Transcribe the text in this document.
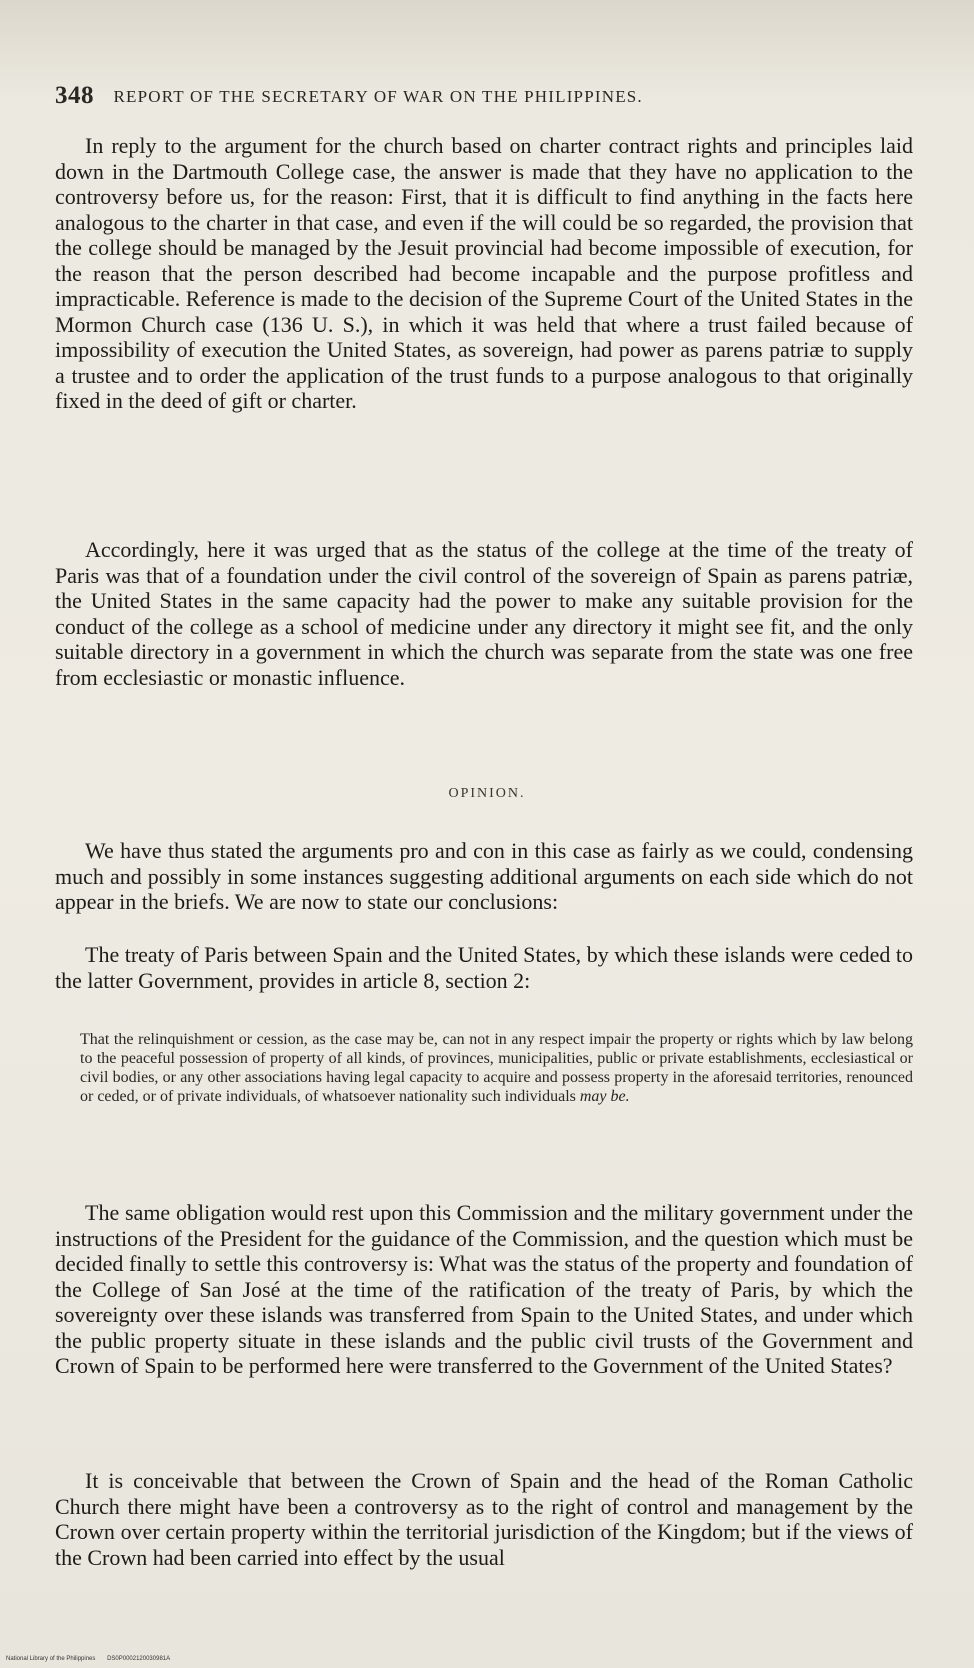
348 REPORT OF THE SECRETARY OF WAR ON THE PHILIPPINES.

In reply to the argument for the church based on charter contract rights and principles laid down in the Dartmouth College case, the answer is made that they have no application to the controversy before us, for the reason: First, that it is difficult to find anything in the facts here analogous to the charter in that case, and even if the will could be so regarded, the provision that the college should be managed by the Jesuit provincial had become impossible of execution, for the reason that the person described had become incapable and the purpose profitless and impracticable. Reference is made to the decision of the Supreme Court of the United States in the Mormon Church case (136 U. S.), in which it was held that where a trust failed because of impossibility of execution the United States, as sovereign, had power as parens patriæ to supply a trustee and to order the application of the trust funds to a purpose analogous to that originally fixed in the deed of gift or charter.

Accordingly, here it was urged that as the status of the college at the time of the treaty of Paris was that of a foundation under the civil control of the sovereign of Spain as parens patriæ, the United States in the same capacity had the power to make any suitable provision for the conduct of the college as a school of medicine under any directory it might see fit, and the only suitable directory in a government in which the church was separate from the state was one free from ecclesiastic or monastic influence.

OPINION.

We have thus stated the arguments pro and con in this case as fairly as we could, condensing much and possibly in some instances suggesting additional arguments on each side which do not appear in the briefs. We are now to state our conclusions:

The treaty of Paris between Spain and the United States, by which these islands were ceded to the latter Government, provides in article 8, section 2:

That the relinquishment or cession, as the case may be, can not in any respect impair the property or rights which by law belong to the peaceful possession of property of all kinds, of provinces, municipalities, public or private establishments, ecclesiastical or civil bodies, or any other associations having legal capacity to acquire and possess property in the aforesaid territories, renounced or ceded, or of private individuals, of whatsoever nationality such individuals may be.

The same obligation would rest upon this Commission and the military government under the instructions of the President for the guidance of the Commission, and the question which must be decided finally to settle this controversy is: What was the status of the property and foundation of the College of San José at the time of the ratification of the treaty of Paris, by which the sovereignty over these islands was transferred from Spain to the United States, and under which the public property situate in these islands and the public civil trusts of the Government and Crown of Spain to be performed here were transferred to the Government of the United States?

It is conceivable that between the Crown of Spain and the head of the Roman Catholic Church there might have been a controversy as to the right of control and management by the Crown over certain property within the territorial jurisdiction of the Kingdom; but if the views of the Crown had been carried into effect by the usual

National Library of the Philippines DS0P0002120030981A
